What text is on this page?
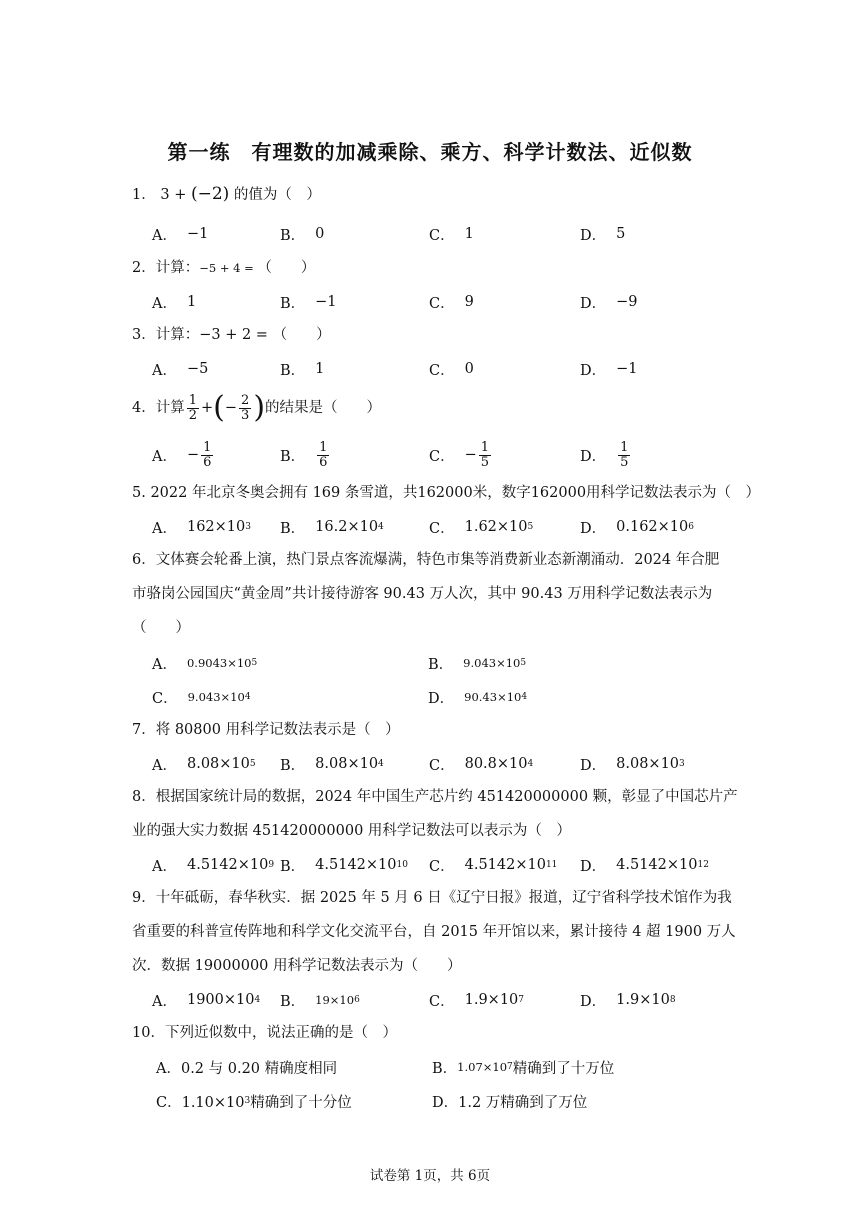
第一练　有理数的加减乘除、乘方、科学计数法、近似数
1． 3 + (−2) 的值为（　）
A． −1	B． 0	C． 1	D． 5
2．计算：−5 + 4 = （　　）
A． 1	B． −1	C． 9	D． −9
3．计算：−3 + 2 = （　　）
A． −5	B． 1	C． 0	D． −1
4．计算 $\frac{1}{2}$ +(− $\frac{2}{3}$ )的结果是（　　）
A． − $\frac{1}{6}$	B． $\frac{1}{6}$	C． − $\frac{1}{5}$	D． $\frac{1}{5}$
5. 2022 年北京冬奥会拥有 169 条雪道，共162000米，数字162000用科学记数法表示为（　）
A． 162×10 3 B． 16.2×10 4	C． 1.62×10 5	D． 0.162×10 6
6．文体赛会轮番上演，热门景点客流爆满，特色市集等消费新业态新潮涌动．2024 年合肥
市骆岗公园国庆“黄金周”共计接待游客 90.43 万人次，其中 90.43 万用科学记数法表示为
（　　）
A． 0.9043×10 5	B． 9.043×10 5
C． 9.043×10 4	D． 90.43×10 4
7．将 80800 用科学记数法表示是（　）
A． 8.08×10 5 B． 8.08×10 4	C． 80.8×10 4	D． 8.08×10 3
8．根据国家统计局的数据，2024 年中国生产芯片约 451420000000 颗，彰显了中国芯片产
业的强大实力数据 451420000000 用科学记数法可以表示为（　）
A． 4.5142×10 9 B． 4.5142×10 10 C． 4.5142×10 11 D． 4.5142×10 12
9．十年砥砺，春华秋实．据 2025 年 5 月 6 日《辽宁日报》报道，辽宁省科学技术馆作为我
省重要的科普宣传阵地和科学文化交流平台，自 2015 年开馆以来，累计接待 4 超 1900 万人
次．数据 19000000 用科学记数法表示为（　　）
A． 1900×10 4 B． 19×10 6	C． 1.9×10 7	D． 1.9×10 8
10．下列近似数中，说法正确的是（　）
A．0.2 与 0.20 精确度相同	B． 1.07×10 7 精确到了十万位
C．1.10×10 3 精确到了十分位	D．1.2 万精确到了万位
试卷第 1页，共 6页
